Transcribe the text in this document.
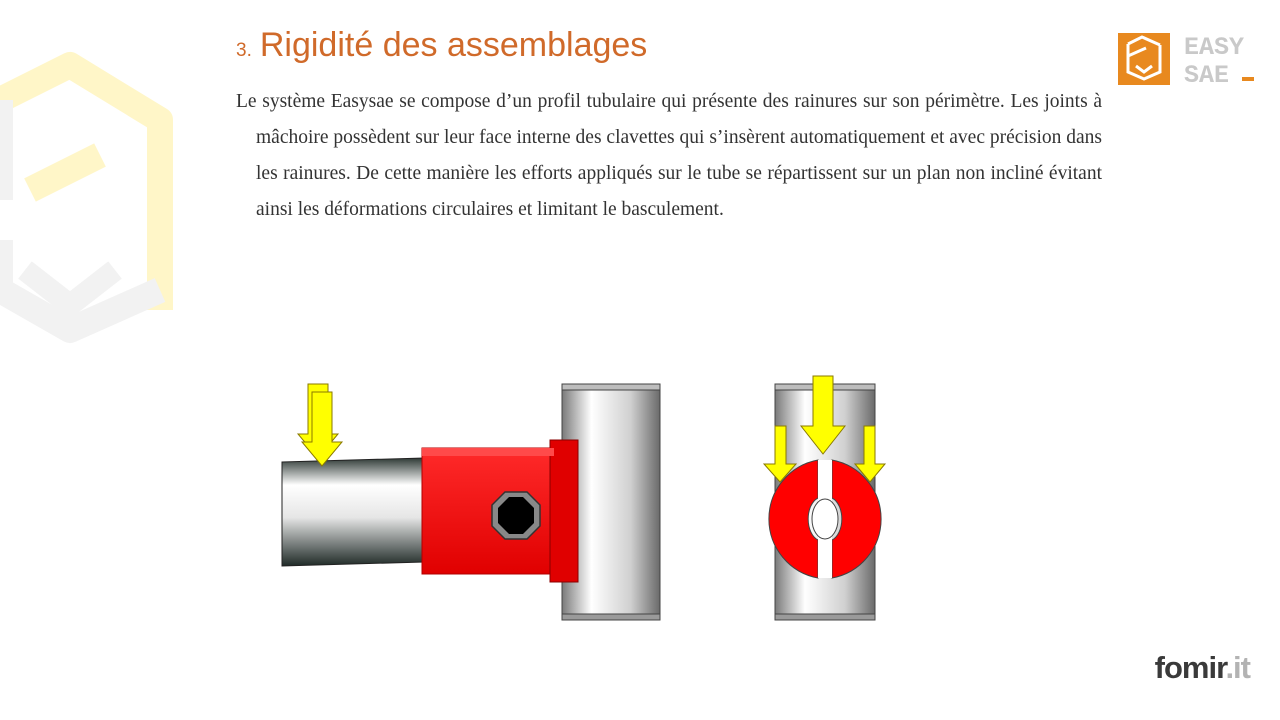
3. Rigidité des assemblages
Le système Easysae se compose d’un profil tubulaire qui présente des rainures sur son périmètre. Les joints à mâchoire possèdent sur leur face interne des clavettes qui s’insèrent automatiquement et avec précision dans les rainures. De cette manière les efforts appliqués sur le tube se répartissent sur un plan non incliné évitant ainsi les déformations circulaires et limitant le basculement.
EASY
SAE
fomir.it
